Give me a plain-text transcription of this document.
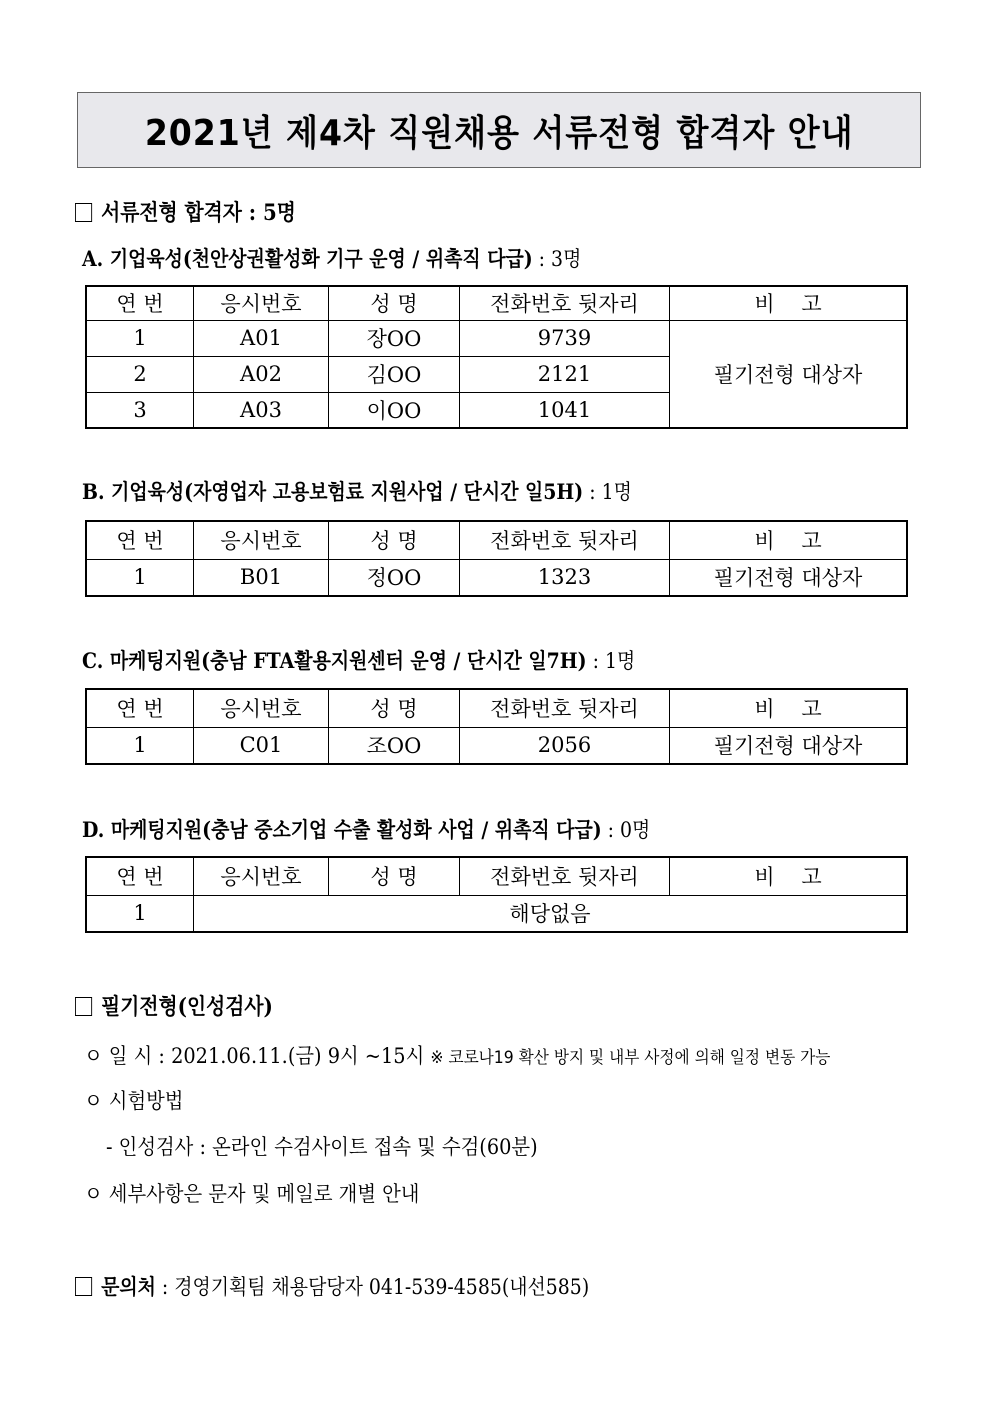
2021년 제4차 직원채용 서류전형 합격자 안내
서류전형 합격자 : 5명
A. 기업육성(천안상권활성화 기구 운영 / 위촉직 다급) : 3명
연 번	응시번호	성 명	전화번호 뒷자리	비    고
1	A01	장OO	9739	필기전형 대상자
2	A02	김OO	2121	
3	A03	이OO	1041	
B. 기업육성(자영업자 고용보험료 지원사업 / 단시간 일5H) : 1명
연 번	응시번호	성 명	전화번호 뒷자리	비    고
1	B01	정OO	1323	필기전형 대상자
C. 마케팅지원(충남 FTA활용지원센터 운영 / 단시간 일7H) : 1명
연 번	응시번호	성 명	전화번호 뒷자리	비    고
1	C01	조OO	2056	필기전형 대상자
D. 마케팅지원(충남 중소기업 수출 활성화 사업 / 위촉직 다급) : 0명
연 번	응시번호	성 명	전화번호 뒷자리	비    고
1	해당없음			
필기전형(인성검사)
ㅇ 일 시 : 2021.06.11.(금) 9시 ~15시 ※ 코로나19 확산 방지 및 내부 사정에 의해 일정 변동 가능
ㅇ 시험방법
- 인성검사 : 온라인 수검사이트 접속 및 수검(60분)
ㅇ 세부사항은 문자 및 메일로 개별 안내
문의처 : 경영기획팀 채용담당자 041-539-4585(내선585)
